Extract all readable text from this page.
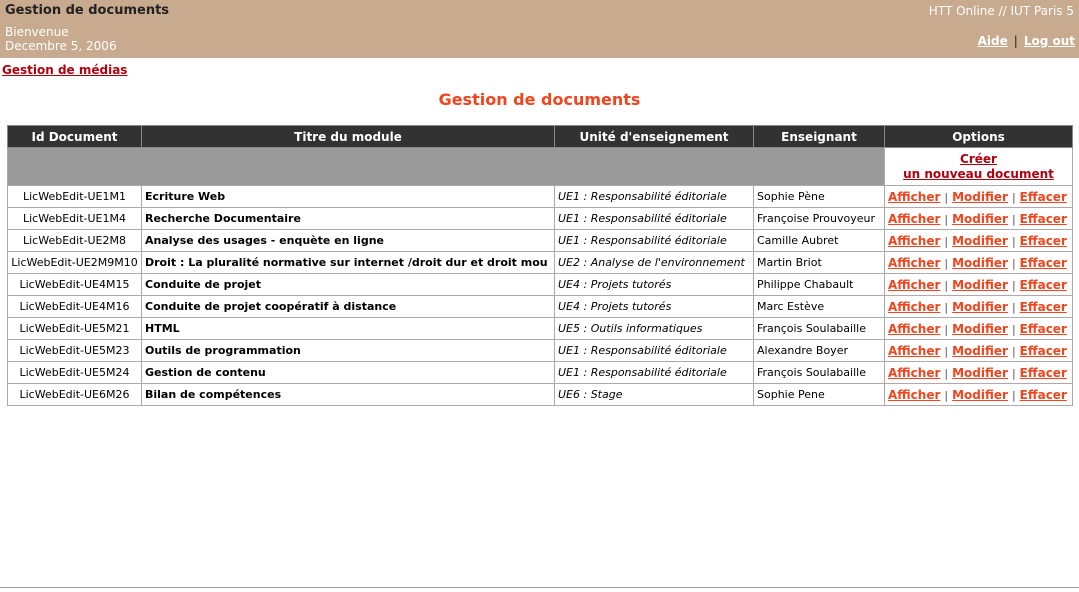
Gestion de documents
Bienvenue
Decembre 5, 2006
HTT Online // IUT Paris 5
Aide | Log out
Gestion de médias
Gestion de documents
Id Document	Titre du module	Unité d'enseignement	Enseignant	Options
				Créer
un nouveau document
LicWebEdit-UE1M1	Ecriture Web	UE1 : Responsabilité éditoriale	Sophie Pène	Afficher | Modifier | Effacer
LicWebEdit-UE1M4	Recherche Documentaire	UE1 : Responsabilité éditoriale	Françoise Prouvoyeur	Afficher | Modifier | Effacer
LicWebEdit-UE2M8	Analyse des usages - enquète en ligne	UE1 : Responsabilité éditoriale	Camille Aubret	Afficher | Modifier | Effacer
LicWebEdit-UE2M9M10	Droit : La pluralité normative sur internet /droit dur et droit mou	UE2 : Analyse de l'environnement	Martin Briot	Afficher | Modifier | Effacer
LicWebEdit-UE4M15	Conduite de projet	UE4 : Projets tutorés	Philippe Chabault	Afficher | Modifier | Effacer
LicWebEdit-UE4M16	Conduite de projet coopératif à distance	UE4 : Projets tutorés	Marc Estève	Afficher | Modifier | Effacer
LicWebEdit-UE5M21	HTML	UE5 : Outils informatiques	François Soulabaille	Afficher | Modifier | Effacer
LicWebEdit-UE5M23	Outils de programmation	UE1 : Responsabilité éditoriale	Alexandre Boyer	Afficher | Modifier | Effacer
LicWebEdit-UE5M24	Gestion de contenu	UE1 : Responsabilité éditoriale	François Soulabaille	Afficher | Modifier | Effacer
LicWebEdit-UE6M26	Bilan de compétences	UE6 : Stage	Sophie Pene	Afficher | Modifier | Effacer
